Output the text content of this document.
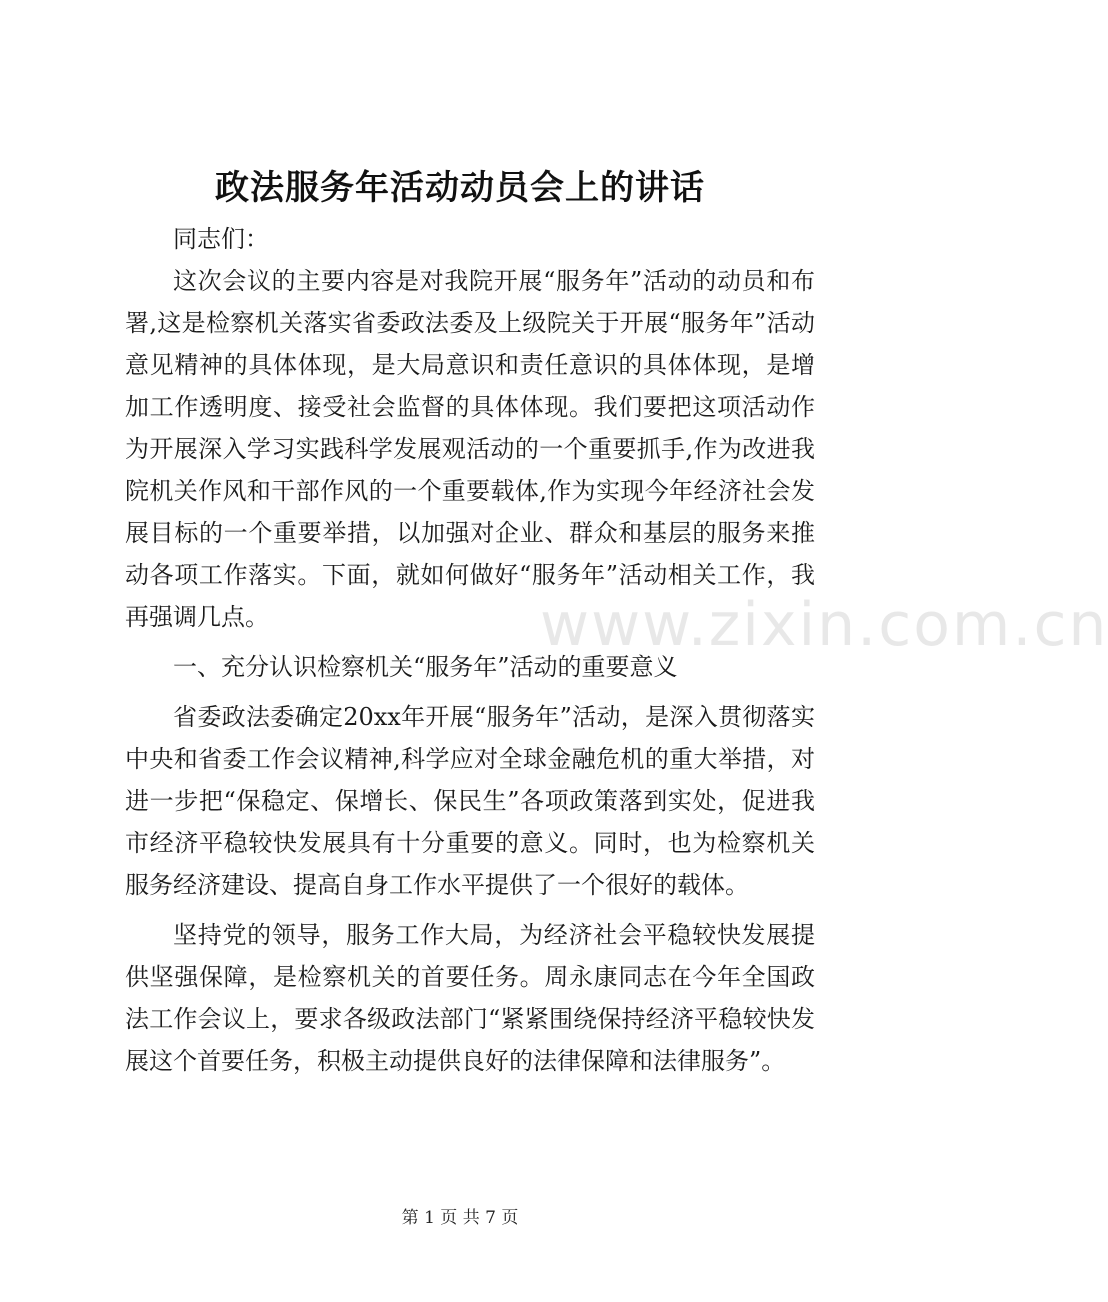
政法服务年活动动员会上的讲话

同志们：

这次会议的主要内容是对我院开展“服务年”活动的动员和布署,这是检察机关落实省委政法委及上级院关于开展“服务年”活动意见精神的具体体现，是大局意识和责任意识的具体体现，是增加工作透明度、接受社会监督的具体体现。我们要把这项活动作为开展深入学习实践科学发展观活动的一个重要抓手,作为改进我院机关作风和干部作风的一个重要载体,作为实现今年经济社会发展目标的一个重要举措，以加强对企业、群众和基层的服务来推动各项工作落实。下面，就如何做好“服务年”活动相关工作，我再强调几点。

一、充分认识检察机关“服务年”活动的重要意义

省委政法委确定20xx年开展“服务年”活动，是深入贯彻落实中央和省委工作会议精神,科学应对全球金融危机的重大举措，对进一步把“保稳定、保增长、保民生”各项政策落到实处，促进我市经济平稳较快发展具有十分重要的意义。同时，也为检察机关服务经济建设、提高自身工作水平提供了一个很好的载体。

坚持党的领导，服务工作大局，为经济社会平稳较快发展提供坚强保障，是检察机关的首要任务。周永康同志在今年全国政法工作会议上，要求各级政法部门“紧紧围绕保持经济平稳较快发展这个首要任务，积极主动提供良好的法律保障和法律服务”。

www.zixin.com.cn
第 1 页 共 7 页
